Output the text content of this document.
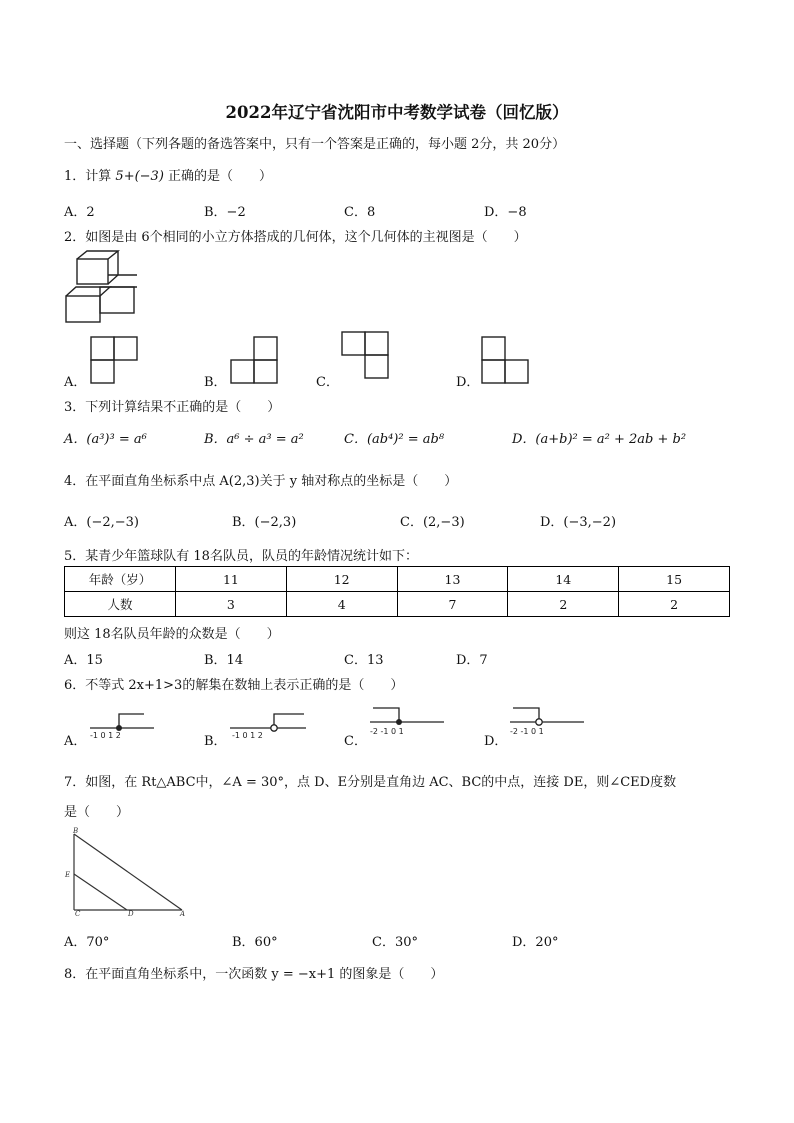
2022年辽宁省沈阳市中考数学试卷（回忆版）
一、选择题（下列各题的备选答案中，只有一个答案是正确的，每小题 2分，共 20分）
1．计算 5+(−3) 正确的是（　　）
A．2	B．−2	C．8	D．−8
2．如图是由 6个相同的小立方体搭成的几何体，这个几何体的主视图是（　　）
A．	B．	C．	D．
3．下列计算结果不正确的是（　　）
A．(a³)³ = a⁶	B．a⁶ ÷ a³ = a²	C．(ab⁴)² = ab⁸	D．(a+b)² = a² + 2ab + b²
4．在平面直角坐标系中点 A(2,3)关于 y 轴对称点的坐标是（　　）
A．(−2,−3)	B．(−2,3)	C．(2,−3)	D．(−3,−2)
5．某青少年篮球队有 18名队员，队员的年龄情况统计如下：
年龄（岁）	11	12	13	14	15
人数	3	4	7	2	2
则这 18名队员年龄的众数是（　　）
A．15	B．14	C．13	D．7
6．不等式 2x+1>3的解集在数轴上表示正确的是（　　）
A． -1 0 1 2	B． -1 0 1 2	C．
-2 -1 0 1
D．
-2 -1 0 1
7．如图，在 Rt△ABC中，∠A = 30°，点 D、E分别是直角边 AC、BC的中点，连接 DE，则∠CED度数
是（　　）
B
E
C	D	A
A．70°	B．60°	C．30°	D．20°
8．在平面直角坐标系中，一次函数 y = −x+1 的图象是（　　）
